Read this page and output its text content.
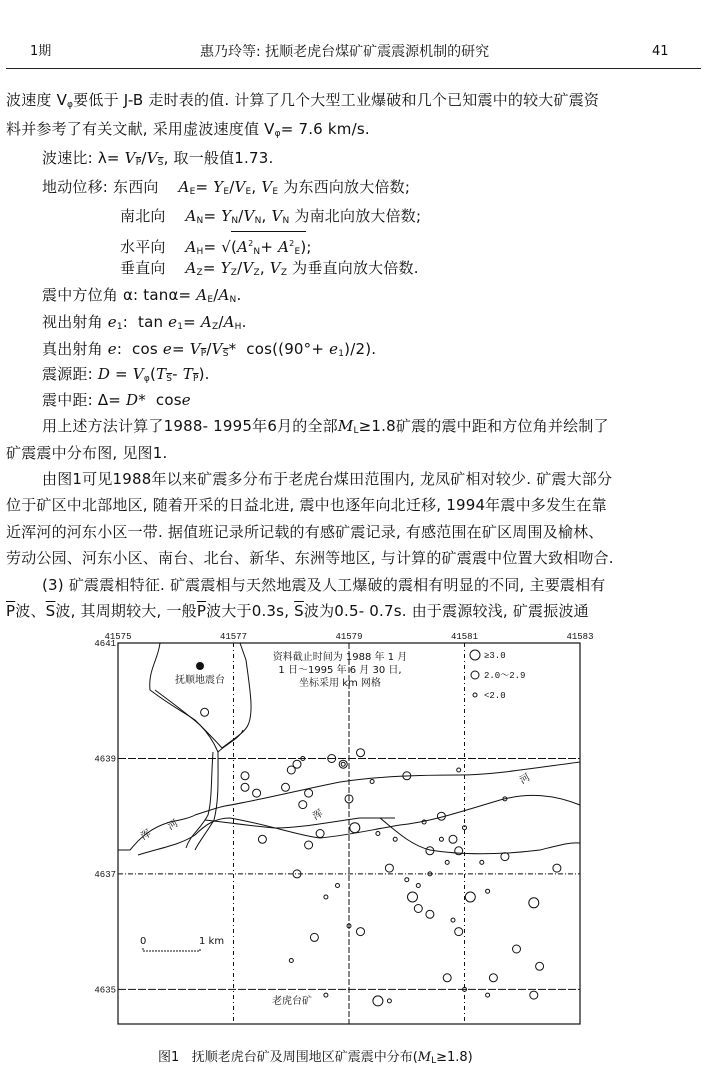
1期	惠乃玲等: 抚顺老虎台煤矿矿震震源机制的研究	41
波速度 $V_\varphi$要低于 J-B 走时表的值. 计算了几个大型工业爆破和几个已知震中的较大矿震资
料并参考了有关文献, 采用虚波速度值 $V_\varphi= 7.6$ km/s.
波速比: $\lambda= V_{\overline{P}}/V_{\overline{S}}$, 取一般值1.73.
地动位移: 东西向 $A_E= Y_E/V_E$, $V_E$ 为东西向放大倍数;
南北向 $A_N= Y_N/V_N$, $V_N$ 为南北向放大倍数;
水平向 $A_H= √(A^2_N+ A^2_E)$;
垂直向 $A_Z= Y_Z/V_Z$, $V_Z$ 为垂直向放大倍数.
震中方位角 α: $\tan\alpha= A_E/A_N$.
视出射角 $e_1$:  $\tan e_1= A_Z/A_H$.
真出射角 e:  $\cos e= V_{\overline{P}}/V_{\overline{S}}*$  $\cos((90^\circ+ e_1)/2)$.
震源距: $D = V_\varphi(T_{\overline{S}}-$ $T_{\overline{P}}$).
震中距: Δ= D*  cose
用上述方法计算了1988- 1995年6月的全部$M_L\ge 1.8$矿震的震中距和方位角并绘制了
矿震震中分布图, 见图1.
由图1可见1988年以来矿震多分布于老虎台煤田范围内, 龙凤矿相对较少. 矿震大部分
位于矿区中北部地区, 随着开采的日益北进, 震中也逐年向北迁移, 1994年震中多发生在靠
近浑河的河东小区一带. 据值班记录所记载的有感矿震记录, 有感范围在矿区周围及榆林、
劳动公园、河东小区、南台、北台、新华、东洲等地区, 与计算的矿震震中位置大致相吻合.
(3) 矿震震相特征. 矿震震相与天然地震及人工爆破的震相有明显的不同, 主要震相有
$\overline{P}$波、$\overline{S}$波, 其周期较大, 一般$\overline{P}$波大于0.3s, $\overline{S}$波为0.5- 0.7s. 由于震源较浅, 矿震振波通
41575	41577	41579	41581	41583
4641
4639
4637
4635
抚顺地震台
资料截止时间为 1988 年 1 月
1 日～1995 年 6 月 30 日,
坐标采用 km 网格
≥3.0
2.0～2.9
<2.0
0	1 km
浑
河
浑
河
老虎台矿
图1 抚顺老虎台矿及周围地区矿震震中分布$(M_L\ge 1.8)$
